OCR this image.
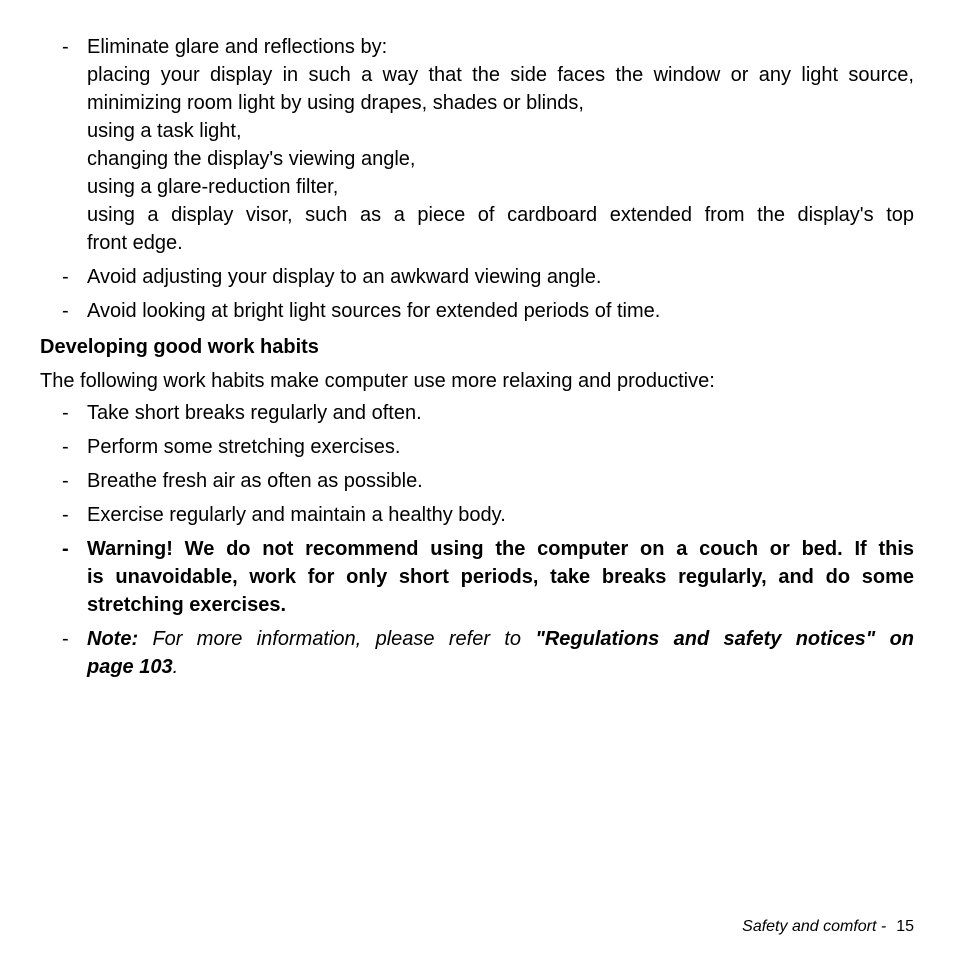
- Eliminate glare and reflections by:
placing your display in such a way that the side faces the window or any light source,
minimizing room light by using drapes, shades or blinds,
using a task light,
changing the display's viewing angle,
using a glare-reduction filter,
using a display visor, such as a piece of cardboard extended from the display's top
front edge.
- Avoid adjusting your display to an awkward viewing angle.
- Avoid looking at bright light sources for extended periods of time.
Developing good work habits
The following work habits make computer use more relaxing and productive:
- Take short breaks regularly and often.
- Perform some stretching exercises.
- Breathe fresh air as often as possible.
- Exercise regularly and maintain a healthy body.
- Warning! We do not recommend using the computer on a couch or bed. If this
is unavoidable, work for only short periods, take breaks regularly, and do some
stretching exercises.
- Note: For more information, please refer to "Regulations and safety notices" on
page 103.
Safety and comfort - 15
